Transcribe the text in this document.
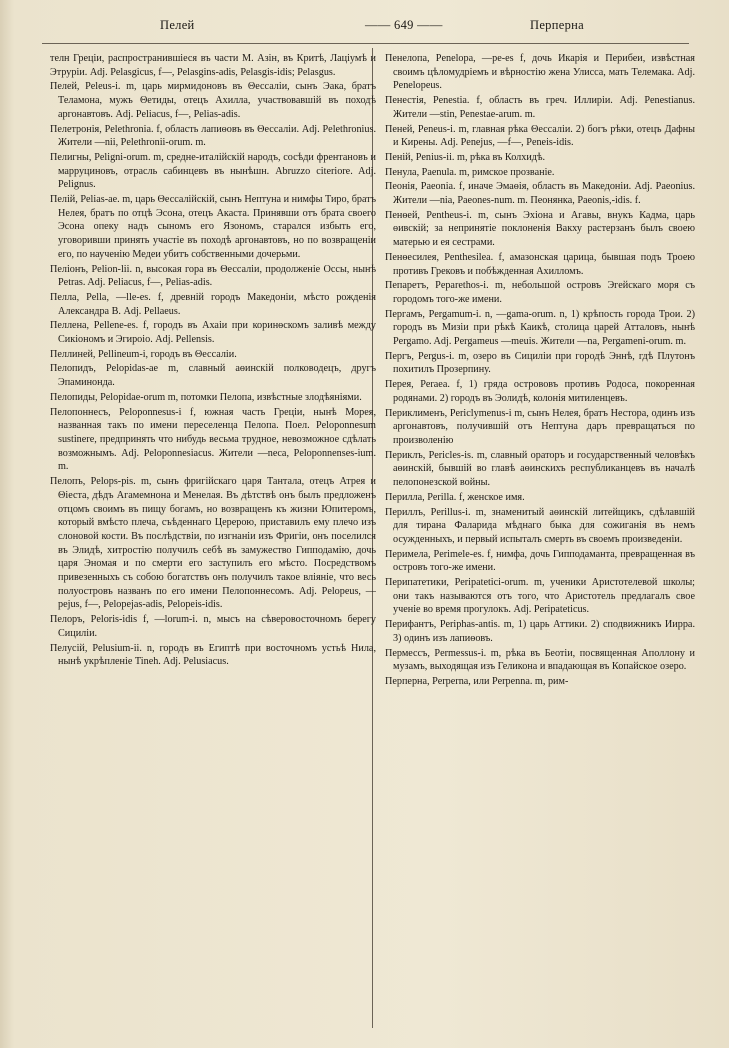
Пелей	—— 649 ——	Перперна

телн Греціи, распространившіеся въ части М. Азін, въ Критѣ, Лацiумѣ и Этруріи. Adj. Pelasgicus, f—, Pelasgins-adis, Pelasgis-idis; Pelasgus.

Пелей, Peleus-i. m, царь мирмидоновъ въ Θессаліи, сынъ Эака, братъ Теламона, мужъ Θетиды, отецъ Ахилла, участвовавшій въ походѣ аргонавтовъ. Adj. Peliacus, f—, Pelias-adis.

Пелетронія, Pelethronia. f, область лапиѳовъ въ Θессаліи. Adj. Pelethronius. Жители —nii, Pelethronii-orum. m.

Пелигны, Peligni-orum. m, средне-италійскій народъ, сосѣди френтановъ и марруциновъ, отрасль сабинцевъ въ нынѣшн. Abruzzo citeriore. Adj. Pelignus.

Пелій, Pelias-ae. m, царь Θессалійскій, сынъ Нептуна и нимфы Тиро, братъ Нелея, братъ по отцѣ Эсона, отецъ Акаста. Принявши отъ брата своего Эсона опеку надъ сыномъ его Язономъ, старался избыть его, уговоривши принять участіе въ походѣ аргонавтовъ, но по возвращеніи его, по наученію Медеи убитъ собственными дочерьми.

Пеліонъ, Pelion-lii. n, высокая гора въ Θессаліи, продолженіе Оссы, нынѣ Petras. Adj. Peliacus, f—, Pelias-adis.

Пелла, Pella, —lle-es. f, древній городъ Македоніи, мѣсто рожденія Александра В. Adj. Pellaeus.

Пеллена, Pellene-es. f, городъ въ Ахаіи при коринѳскомъ заливѣ между Сикіономъ и Эгироіо. Adj. Pellensis.

Пеллиней, Pellineum-i, городъ въ Θессаліи.

Пелопидъ, Pelopidas-ae m, славный аѳинскій полководецъ, другъ Эпаминонда.

Пелопиды, Pelopidae-orum m, потомки Пелопа, извѣстные злодѣяніями.

Пелопоннесъ, Peloponnesus-i f, южная часть Греціи, нынѣ Морея, названная такъ по имени переселенца Пелопа. Поел. Peloponnesum sustinere, предпринять что нибудь весьма трудное, невозможное сдѣлать возможнымъ. Adj. Peloponnesiacus. Жители —neca, Peloponnenses-ium. m.

Пелопъ, Pelops-pis. m, сынъ фригійскаго царя Тантала, отецъ Атрея и Θіеста, дѣдъ Агамемнона и Менелая. Въ дѣтствѣ онъ былъ предложенъ отцомъ своимъ въ пищу богамъ, но возвращенъ къ жизни Юпитеромъ, который вмѣсто плеча, съѣденнаго Церерою, приставилъ ему плечо изъ слоновой кости. Въ послѣдствіи, по изгнаніи изъ Фригіи, онъ поселился въ Элидѣ, хитростію получилъ себѣ въ замужество Гипподамію, дочь царя Эномая и по смерти его заступилъ его мѣсто. Посредствомъ привезенныхъ съ собою богатствъ онъ получилъ такое вліяніе, что весь полуостровъ названъ по его имени Пелопоннесомъ. Adj. Pelopeus, —pejus, f—, Pelopejas-adis, Pelopeis-idis.

Пелоръ, Peloris-idis f, —lorum-i. n, мысъ на сѣверовосточномъ берегу Сициліи.

Пелусій, Pelusium-ii. n, городъ въ Египтѣ при восточномъ устьѣ Нила, нынѣ укрѣпленіе Tineh. Adj. Pelusiacus.

Пенелопа, Penelopa, —pe-es f, дочь Икарія и Перибеи, извѣстная своимъ цѣломудріемъ и вѣрностію жена Улисса, мать Телемака. Adj. Penelopeus.

Пенестія, Penestia. f, область въ греч. Иллиріи. Adj. Penestianus. Жители —stin, Penestae-arum. m.

Пеней, Peneus-i. m, главная рѣка Θессаліи. 2) богъ рѣки, отецъ Дафны и Кирены. Adj. Penejus, —f—, Peneis-idis.

Пеній, Penius-ii. m, рѣка въ Колхидѣ.

Пенула, Paenula. m, римское прозваніе.

Пеонія, Paeonia. f, иначе Эмаѳія, область въ Македоніи. Adj. Paeonius. Жители —nia, Paeones-num. m. Пеонянка, Paeonis,-idis. f.

Пенѳей, Pentheus-i. m, сынъ Эхіона и Агавы, внукъ Кадма, царь ѳивскій; за непринятіе поклоненія Вакху растерзанъ былъ своею матерью и ея сестрами.

Пенѳесилея, Penthesilea. f, амазонская царица, бывшая подъ Троею противъ Грековъ и побѣжденная Ахилломъ.

Пепаретъ, Peparethos-i. m, небольшой островъ Эгейскаго моря съ городомъ того-же имени.

Пергамъ, Pergamum-i. n, —gama-orum. n, 1) крѣпость города Трои. 2) городъ въ Мизіи при рѣкѣ Каикѣ, столица царей Атталовъ, нынѣ Pergamo. Adj. Pergameus —meuis. Жители —na, Pergameni-orum. m.

Пергъ, Pergus-i. m, озеро въ Сициліи при городѣ Эннѣ, гдѣ Плутонъ похитилъ Прозерпину.

Перея, Peraea. f, 1) гряда острововъ противъ Родоса, покоренная родянами. 2) городъ въ Эолидѣ, колонія митиленцевъ.

Периклименъ, Periclymenus-i m, сынъ Нелея, братъ Нестора, одинъ изъ аргонавтовъ, получившій отъ Нептуна даръ превращаться по произволенію

Периклъ, Pericles-is. m, славный ораторъ и государственный человѣкъ аѳинскій, бывшій во главѣ аѳинскихъ республиканцевъ въ началѣ пелопонезской войны.

Перилла, Perilla. f, женское имя.

Периллъ, Perillus-i. m, знаменитый аѳинскій литейщикъ, сдѣлавшій для тирана Фаларида мѣднаго быка для сожиганія въ немъ осужденныхъ, и первый испыталъ смерть въ своемъ произведеніи.

Перимела, Perimele-es. f, нимфа, дочь Гипподаманта, превращенная въ островъ того-же имени.

Перипатетики, Peripatetici-orum. m, ученики Аристотелевой школы; они такъ называются отъ того, что Аристотель предлагалъ свое ученіе во время прогулокъ. Adj. Peripateticus.

Перифантъ, Periphas-antis. m, 1) царь Аттики. 2) сподвижникъ Иирра. 3) одинъ изъ лапиѳовъ.

Пермессъ, Permessus-i. m, рѣка въ Беотіи, посвященная Аполлону и музамъ, выходящая изъ Геликона и впадающая въ Копайское озеро.

Перперна, Perperna, или Perpenna. m, рим-
